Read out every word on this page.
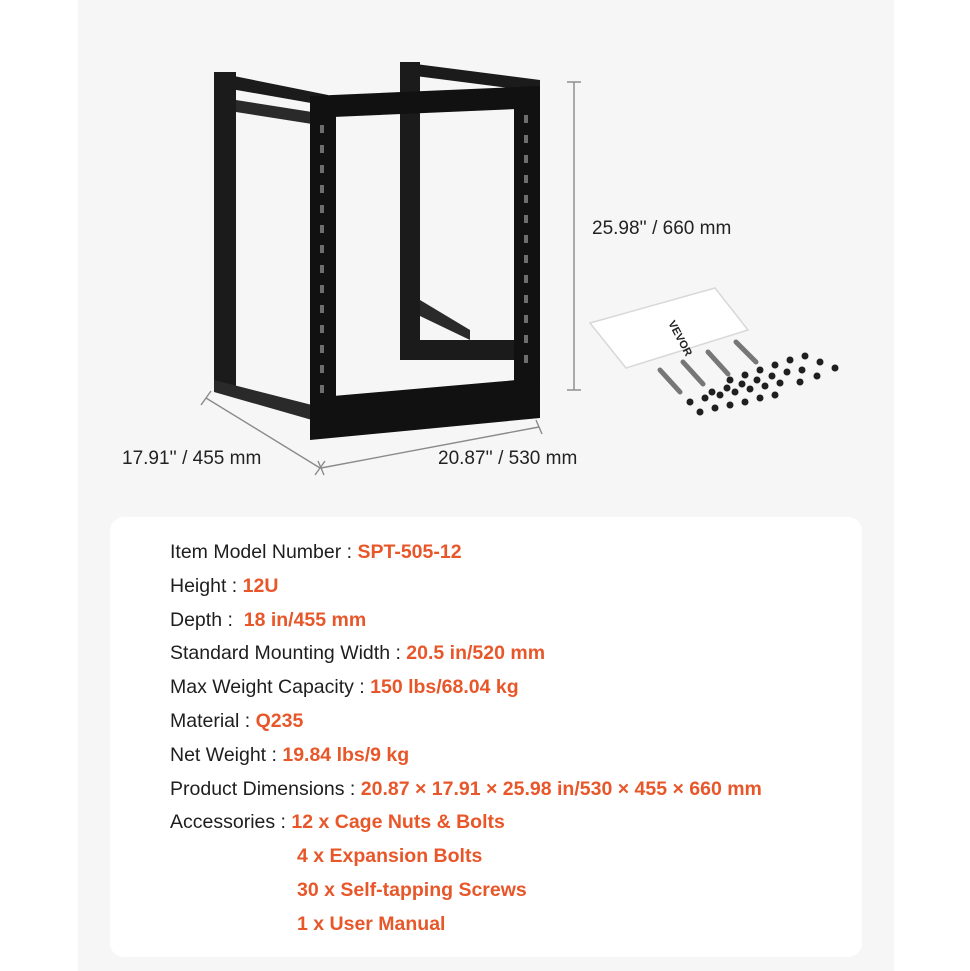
VEVOR
25.98'' / 660 mm
17.91'' / 455 mm	20.87'' / 530 mm
Item Model Number : SPT-505-12
Height : 12U
Depth :  18 in/455 mm
Standard Mounting Width : 20.5 in/520 mm
Max Weight Capacity : 150 lbs/68.04 kg
Material : Q235
Net Weight : 19.84 lbs/9 kg
Product Dimensions : 20.87 × 17.91 × 25.98 in/530 × 455 × 660 mm
Accessories : 12 x Cage Nuts & Bolts
4 x Expansion Bolts
30 x Self-tapping Screws
1 x User Manual
